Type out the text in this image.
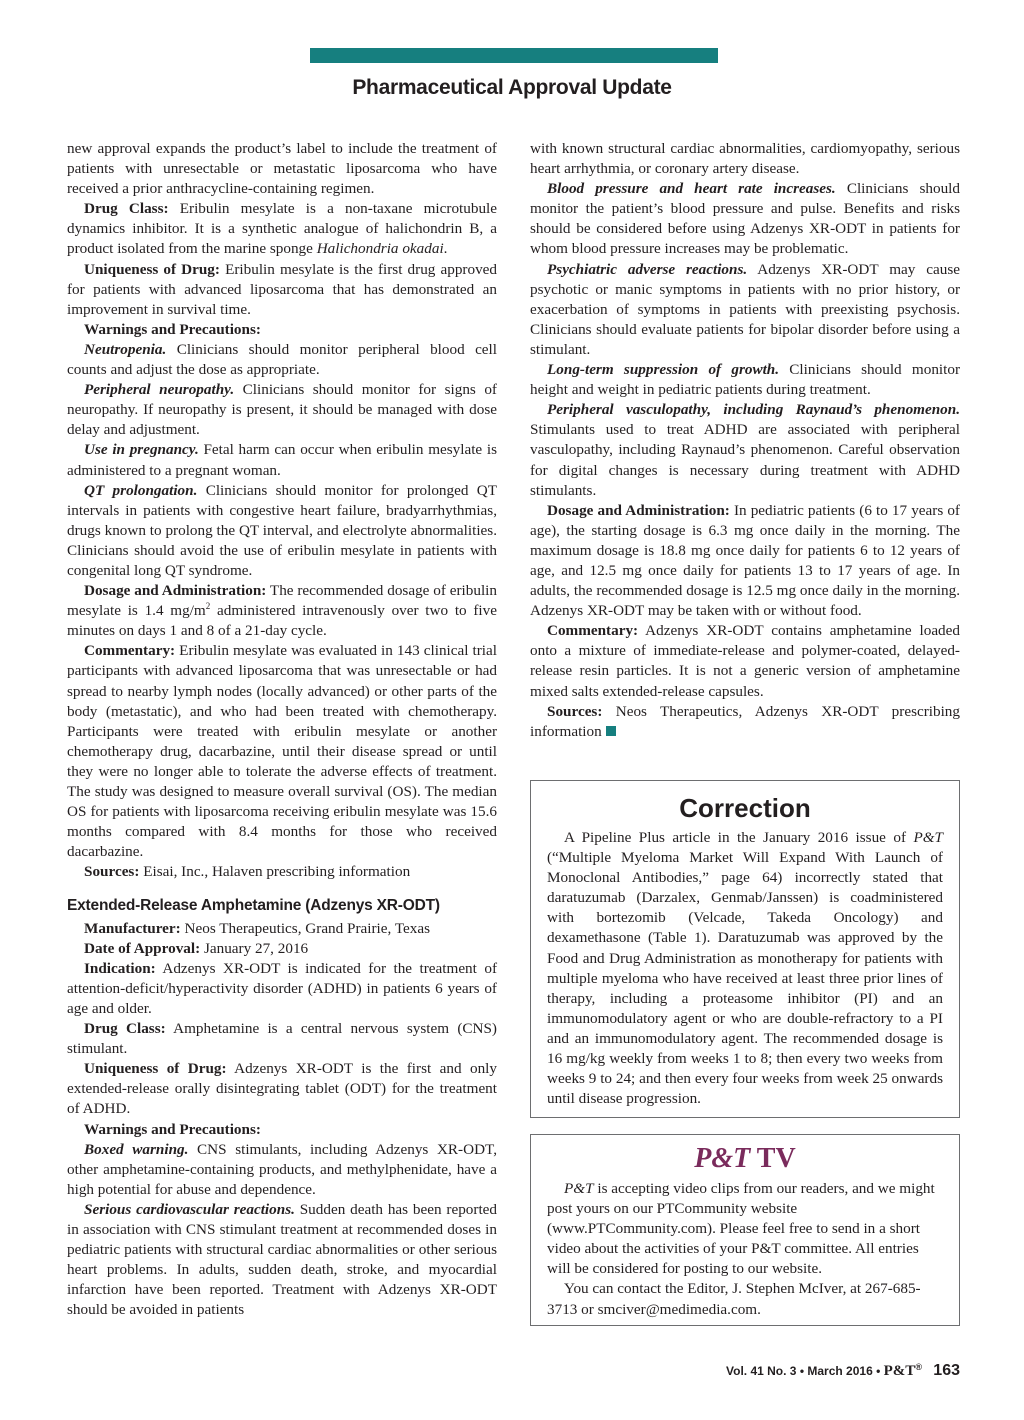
Pharmaceutical Approval Update

new approval expands the product’s label to include the treatment of patients with unresectable or metastatic liposarcoma who have received a prior anthracycline-containing regimen.

Drug Class: Eribulin mesylate is a non-taxane microtubule dynamics inhibitor. It is a synthetic analogue of halichondrin B, a product isolated from the marine sponge Halichondria okadai.

Uniqueness of Drug: Eribulin mesylate is the first drug approved for patients with advanced liposarcoma that has demonstrated an improvement in survival time.

Warnings and Precautions:

Neutropenia. Clinicians should monitor peripheral blood cell counts and adjust the dose as appropriate.

Peripheral neuropathy. Clinicians should monitor for signs of neuropathy. If neuropathy is present, it should be managed with dose delay and adjustment.

Use in pregnancy. Fetal harm can occur when eribulin mesylate is administered to a pregnant woman.

QT prolongation. Clinicians should monitor for prolonged QT intervals in patients with congestive heart failure, bradyarrhythmias, drugs known to prolong the QT interval, and electrolyte abnormalities. Clinicians should avoid the use of eribulin mesylate in patients with congenital long QT syndrome.

Dosage and Administration: The recommended dosage of eribulin mesylate is 1.4 $mg/m^2$ administered intravenously over two to five minutes on days 1 and 8 of a 21-day cycle.

Commentary: Eribulin mesylate was evaluated in 143 clinical trial participants with advanced liposarcoma that was unresectable or had spread to nearby lymph nodes (locally advanced) or other parts of the body (metastatic), and who had been treated with chemotherapy. Participants were treated with eribulin mesylate or another chemotherapy drug, dacarbazine, until their disease spread or until they were no longer able to tolerate the adverse effects of treatment. The study was designed to measure overall survival (OS). The median OS for patients with liposarcoma receiving eribulin mesylate was 15.6 months compared with 8.4 months for those who received dacarbazine.

Sources: Eisai, Inc., Halaven prescribing information

Extended-Release Amphetamine (Adzenys XR-ODT)

Manufacturer: Neos Therapeutics, Grand Prairie, Texas

Date of Approval: January 27, 2016

Indication: Adzenys XR-ODT is indicated for the treatment of attention-deficit/hyperactivity disorder (ADHD) in patients 6 years of age and older.

Drug Class: Amphetamine is a central nervous system (CNS) stimulant.

Uniqueness of Drug: Adzenys XR-ODT is the first and only extended-release orally disintegrating tablet (ODT) for the treatment of ADHD.

Warnings and Precautions:

Boxed warning. CNS stimulants, including Adzenys XR-ODT, other amphetamine-containing products, and methylphenidate, have a high potential for abuse and dependence.

Serious cardiovascular reactions. Sudden death has been reported in association with CNS stimulant treatment at recommended doses in pediatric patients with structural cardiac abnormalities or other serious heart problems. In adults, sudden death, stroke, and myocardial infarction have been reported. Treatment with Adzenys XR-ODT should be avoided in patients

with known structural cardiac abnormalities, cardiomyopathy, serious heart arrhythmia, or coronary artery disease.

Blood pressure and heart rate increases. Clinicians should monitor the patient’s blood pressure and pulse. Benefits and risks should be considered before using Adzenys XR-ODT in patients for whom blood pressure increases may be problematic.

Psychiatric adverse reactions. Adzenys XR-ODT may cause psychotic or manic symptoms in patients with no prior history, or exacerbation of symptoms in patients with preexisting psychosis. Clinicians should evaluate patients for bipolar disorder before using a stimulant.

Long-term suppression of growth. Clinicians should monitor height and weight in pediatric patients during treatment.

Peripheral vasculopathy, including Raynaud’s phenomenon. Stimulants used to treat ADHD are associated with peripheral vasculopathy, including Raynaud’s phenomenon. Careful observation for digital changes is necessary during treatment with ADHD stimulants.

Dosage and Administration: In pediatric patients (6 to 17 years of age), the starting dosage is 6.3 mg once daily in the morning. The maximum dosage is 18.8 mg once daily for patients 6 to 12 years of age, and 12.5 mg once daily for patients 13 to 17 years of age. In adults, the recommended dosage is 12.5 mg once daily in the morning. Adzenys XR-ODT may be taken with or without food.

Commentary: Adzenys XR-ODT contains amphetamine loaded onto a mixture of immediate-release and polymer-coated, delayed-release resin particles. It is not a generic version of amphetamine mixed salts extended-release capsules.

Sources: Neos Therapeutics, Adzenys XR-ODT prescribing information

Correction

A Pipeline Plus article in the January 2016 issue of P&T (“Multiple Myeloma Market Will Expand With Launch of Monoclonal Antibodies,” page 64) incorrectly stated that daratuzumab (Darzalex, Genmab/Janssen) is coadministered with bortezomib (Velcade, Takeda Oncology) and dexamethasone (Table 1). Daratuzumab was approved by the Food and Drug Administration as monotherapy for patients with multiple myeloma who have received at least three prior lines of therapy, including a proteasome inhibitor (PI) and an immunomodulatory agent or who are double-refractory to a PI and an immunomodulatory agent. The recommended dosage is 16 mg/kg weekly from weeks 1 to 8; then every two weeks from weeks 9 to 24; and then every four weeks from week 25 onwards until disease progression.

P&T TV

P&T is accepting video clips from our readers, and we might post yours on our PTCommunity website (www.PTCommunity.com). Please feel free to send in a short video about the activities of your P&T committee. All entries will be considered for posting to our website.

You can contact the Editor, J. Stephen McIver, at 267-685-3713 or smciver@medimedia.com.

Vol. 41 No. 3 • March 2016 • P&T® 163
